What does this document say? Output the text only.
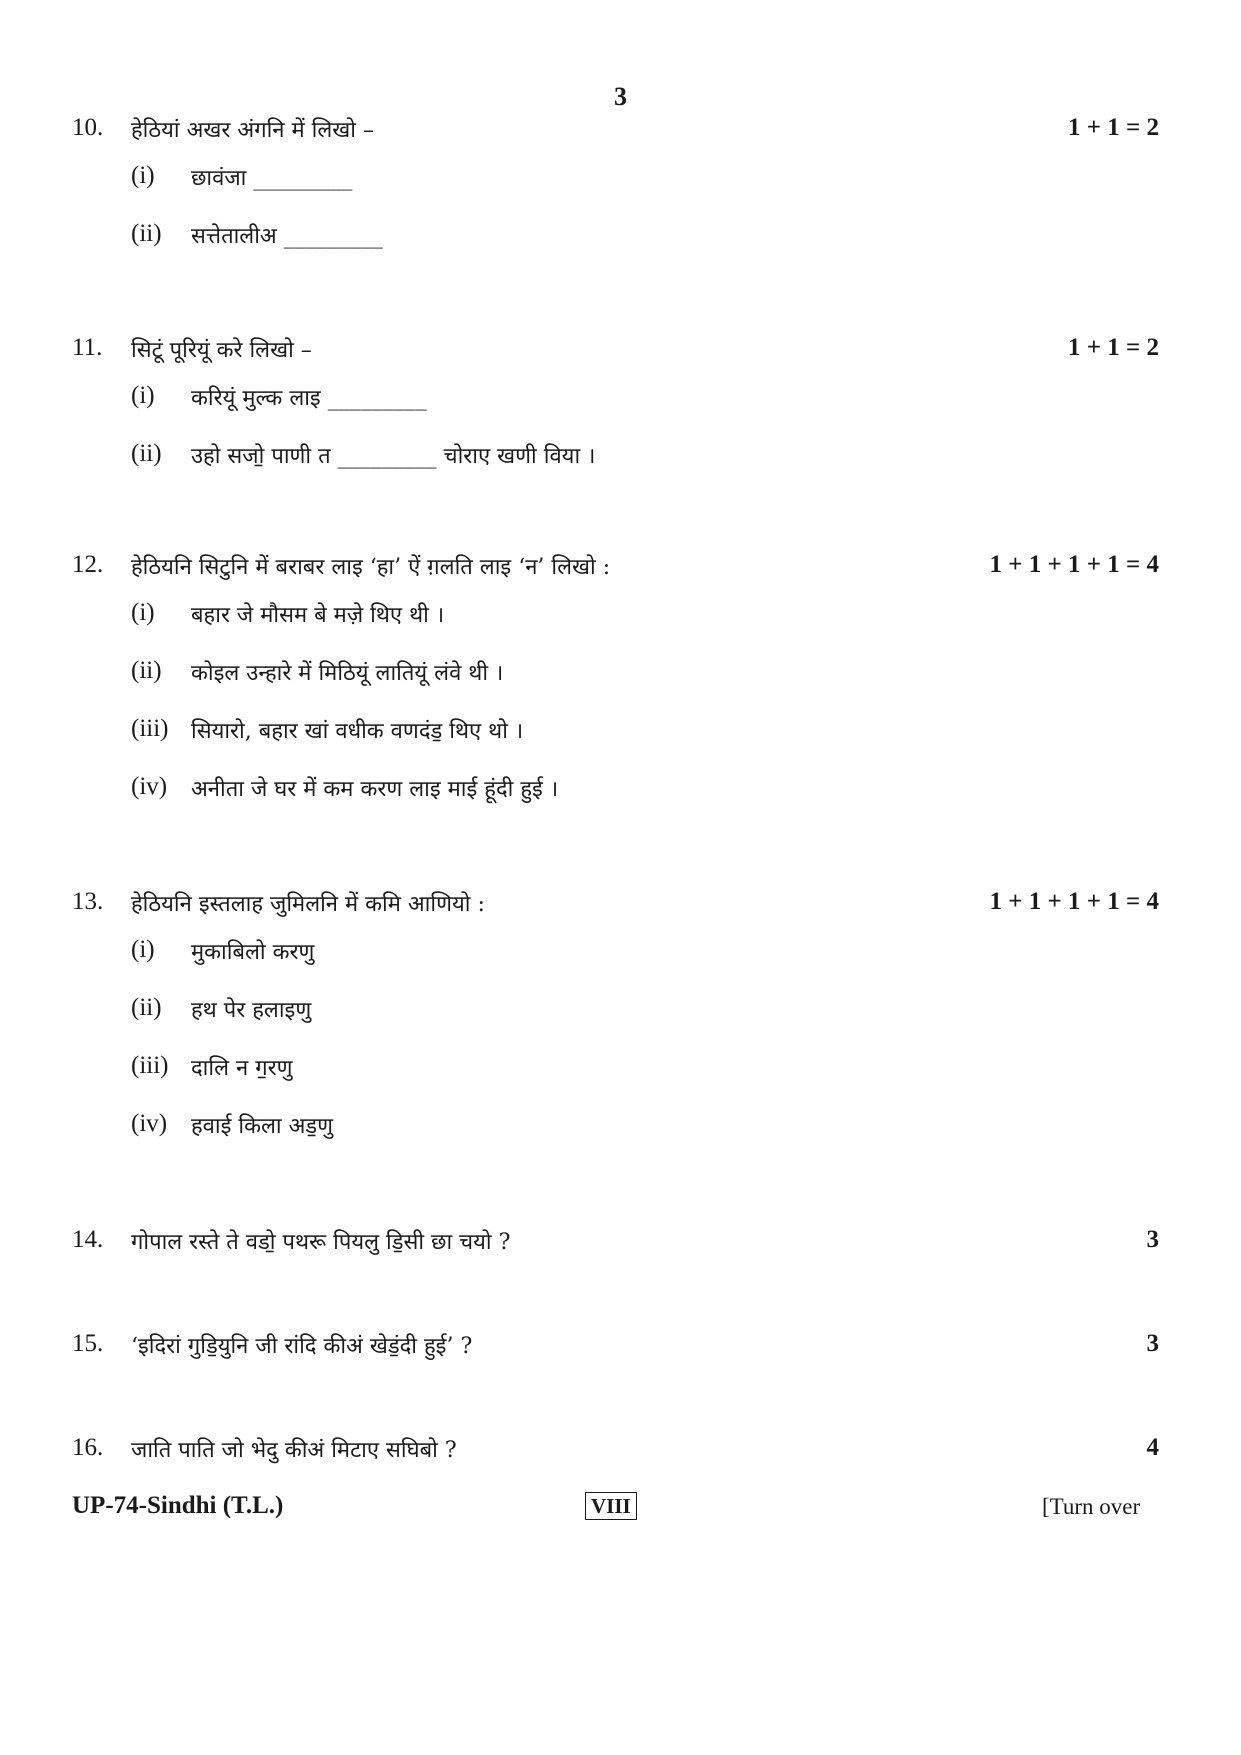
3
10. हेठियां अखर अंगनि में लिखो –	1 + 1 = 2
(i) छावंजा _________
(ii) सत्तेतालीअ _________
11. सिटूं पूरियूं करे लिखो –	1 + 1 = 2
(i) करियूं मुल्क लाइ _________
(ii) उहो सजो॒ पाणी त _________ चोराए खणी विया ।
12. हेठियनि सिटुनि में बराबर लाइ ‘हा’ ऐं ग़लति लाइ ‘न’ लिखो :	1 + 1 + 1 + 1 = 4
(i) बहार जे मौसम बे मज़े थिए थी ।
(ii) कोइल उन्हारे में मिठियूं लातियूं लंवे थी ।
(iii) सियारो, बहार खां वधीक वणदंड॒ थिए थो ।
(iv) अनीता जे घर में कम करण लाइ माई हूंदी हुई ।
13. हेठियनि इस्तलाह जुमिलनि में कमि आणियो :	1 + 1 + 1 + 1 = 4
(i) मुकाबिलो करणु
(ii) हथ पेर हलाइणु
(iii) दालि न ग॒रणु
(iv) हवाई किला अड॒णु
14. गोपाल रस्ते ते वडो॒ पथरू पियलु डि॒सी छा चयो ?	3
15. ‘इदिरां गुडि॒युनि जी रांदि कीअं खेडं॒दी हुई’ ?	3
16. जाति पाति जो भेदु कीअं मिटाए सघिबो ?	4
UP-74-Sindhi (T.L.)	VIII	[Turn over
